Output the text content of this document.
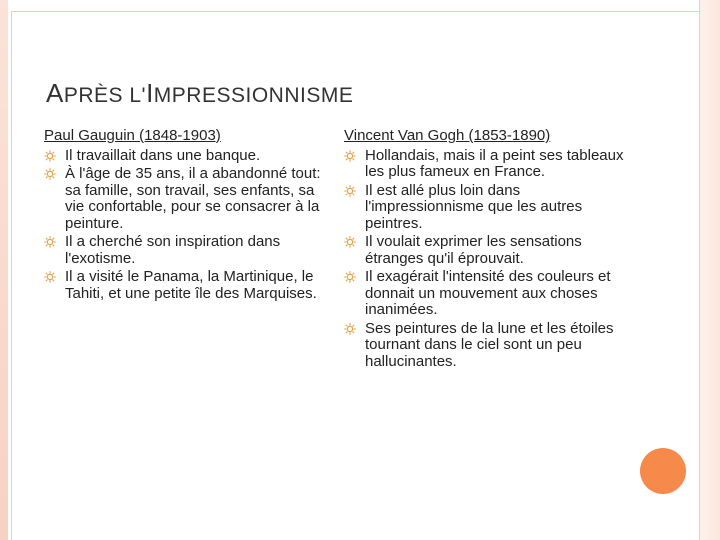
APRÈS L'IMPRESSIONNISME
Paul Gauguin (1848-1903)
Il travaillait dans une banque.
À l'âge de 35 ans, il a abandonné tout: sa famille, son travail, ses enfants, sa vie confortable, pour se consacrer à la peinture.
Il a cherché son inspiration dans l'exotisme.
Il a visité le Panama, la Martinique, le Tahiti, et une petite île des Marquises.
Vincent Van Gogh (1853-1890)
Hollandais, mais il a peint ses tableaux les plus fameux en France.
Il est allé plus loin dans l'impressionnisme que les autres peintres.
Il voulait exprimer les sensations étranges qu'il éprouvait.
Il exagérait l'intensité des couleurs et donnait un mouvement aux choses inanimées.
Ses peintures de la lune et les étoiles tournant dans le ciel sont un peu hallucinantes.
